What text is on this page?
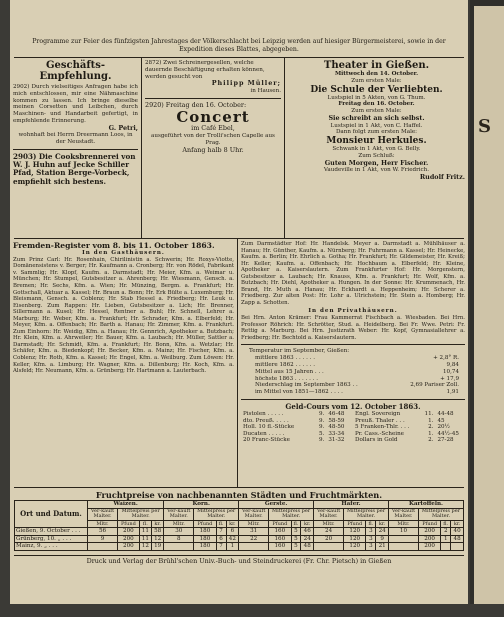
Programme zur Feier des fünfzigsten Jahrestages der Völkerschlacht bei Leipzig werden auf hiesiger Bürgermeisterei, sowie in der Expedition dieses Blattes, abgegeben.
Geschäfts-Empfehlung.
2902) Durch vielseitiges Anfragen habe ich mich entschlossen, mir eine Nähmaschine kommen zu lassen. Ich bringe dieselbe meinen Corsetten und Leibchen, durch Maschinen- und Handarbeit gefertigt, in empfehlende Erinnerung.
G. Petri,
wohnhaft bei Herrn Dreermann Loos, in der Neustadt.
2903) Die Cooksbrennerei von W. J. Huhn auf Jecke Schiller Pfad, Station Berge-Vorbeck, empfiehlt sich bestens.
2872) Zwei Schreinergesellen, welche dauernde Beschäftigung erhalten können, werden gesucht von
Philipp Müller;
in Hausen.
2920) Freitag den 16. October:
Concert
im Café Ebel,
ausgeführt von der Trolli'schen Capelle aus Prag.
Anfang halb 8 Uhr.
Theater in Gießen.
Mittwoch den 14. October.
Zum ersten Male:
Die Schule der Verliebten.
Lustspiel in 5 Akten, von G. Thum.
Freitag den 16. October.
Zum ersten Male:
Sie schreibt an sich selbst.
Lustspiel in 1 Akt, von C. Haffel.
Dann folgt zum ersten Male:
Monsieur Herkules.
Schwank in 1 Akt, von G. Belly.
Zum Schluß:
Guten Morgen, Herr Fischer.
Vaudeville in 1 Akt, von W. Friedrich.
Rudolf Fritz.
Fremden-Register vom 8. bis 11. October 1863.
In den Gasthäusern.
Zum Prinz Carl: Hr. Rosenhain, Chirilinistin a. Schwerin; Hr. Roxys-Viotte, Domänensistens v. Berger; Hr. Kaufmann a. Cronberg; Hr. von Rödel, Fabrikant v. Sammlig; Hr. Klopf, Kaufm. a. Darmstadt; Hr. Meier, Kfm. a. Weimar u. München; Hr. Stumpel, Gutsbesitzer a. Ahrenberg; Hr. Wiesmann, Gensch. a. Bremen; Hr. Sechs, Kfm. a. Wien; Hr. Münzing, Bergm. a. Frankfurt; Hr. Gottschall, Aktuar a. Kassel; Hr. Braun a. Bonn; Hr. Erk Bülte a. Luxemburg; Hr. Bleismann, Gensch. a. Coblenz; Hr. Stab Hessel a. Friedberg; Hr. Leuk u. Eisenberg. Zum Rappen: Hr. Lieben, Gutsbesitzer a. Lich; Hr. Brenner, Sillermann a. Kusel; Hr. Hessel, Rentner a. Buhl; Hr. Schnell, Lehrer a. Marburg; Hr. Weber, Kfm. a. Frankfurt; Hr. Schrader, Kfm. a. Elberfeld; Hr. Meyer, Kfm. a. Offenbach; Hr. Barth a. Hanau; Hr. Zimmer, Kfm. a. Frankfurt. Zum Einhorn: Hr. Weidig, Kfm. a. Hanau; Hr. Gennrich, Apotheker a. Butzbach; Hr. Klein, Kfm. a. Ahrweiler; Hr. Bauer, Kfm. a. Laubach; Hr. Müller, Sattler a. Darmstadt; Hr. Schmidt, Kfm. a. Frankfurt; Hr. Bonn, Kfm. a. Wetzlar; Hr. Schäfer, Kfm. a. Biedenkopf; Hr. Becker, Kfm. a. Mainz; Hr. Fischer, Kfm. a. Coblenz; Hr. Roth, Kfm. a. Kassel; Hr. Engel, Kfm. a. Weilburg. Zum Löwen: Hr. Keller, Kfm. a. Limburg; Hr. Wagner, Kfm. a. Dillenburg; Hr. Koch, Kfm. a. Alsfeld; Hr. Neumann, Kfm. a. Grünberg; Hr. Hartmann a. Lauterbach.
Zum Darmstädter Hof: Hr. Handelsk. Meyer a. Darmstadt a. Mühlhäuser a. Hanau; Hr. Günther, Kaufm. a. Nürnberg; Hr. Fuhrmann a. Kassel; Hr. Heinecke, Kaufm. a. Berlin; Hr. Ehrlich a. Gotha; Hr. Frankfurt; Hr. Gildemeister, Hr. Kreiß; Hr. Keller, Kaufm. a. Offenbach; Hr. Hochbaum a. Elberfeld; Hr. Kleine, Apotheker a. Kaiserslautern. Zum Frankfurter Hof: Hr. Morgenstern, Gutsbesitzer a. Laubach; Hr. Knauss, Kfm. a. Frankfurt; Hr. Wolf, Kfm. a. Butzbach; Hr. Diehl, Apotheker a. Hungen. In der Sonne: Hr. Krummenach, Hr. Brand, Hr. Muth a. Hanau; Hr. Eckhardt a. Heppenheim; Hr. Scherer a. Friedberg. Zur alten Post: Hr. Lohr a. Ulrichstein; Hr. Stein a. Homberg; Hr. Zapp a. Schotten.
In den Privathäusern.
Bei Hrn. Anton Krämer: Frau Kammerrat Fischbach a. Wiesbaden. Bei Hrn. Professor Röhrich: Hr. Schrötter, Stud. a. Heidelberg. Bei Fr. Wwe. Petri: Fr. Rettig a. Marburg. Bei Hrn. Justizrath Weber: Hr. Kopf, Gymnasiallehrer a. Friedberg; Hr. Bechtold a. Kaiserslautern.
Temperatur im September, Gießen:
mittlere 1863 . . . . . .	+ 2,8° R.
mittlere 1862 . . . . . .	9,84
Mittel aus 15 Jahren . . .	10,74
höchste 1863 . . . . . . .	+ 17,9
Niederschlag im September 1863 . .	2,69 Pariser Zoll.
im Mittel von 1851—1862 . . . .	1,91
Geld-Cours vom 12. October 1863.
Pistolen . . . . .	9.	46-48
dto. Preuß. . . . .	9.	58-59
Holl. 10 fl.-Stücke	9.	48-50
Ducaten . . . . .	5.	33-34
20 Franc-Stücke	9.	31-32
Engl. Sovereign	11.	44-48
Preuß. Thaler . . .	1.	45
5 Franken-Thlr. . . .	2.	20½
Pr. Cass.-Scheine	1.	44½-45
Dollars in Gold	2.	27-28
Fruchtpreise von nachbenannten Städten und Fruchtmärkten.
Ort und Datum.	Waizen.				Korn.				Gerste.				Hafer.				Kartoffeln.			
	Ver-kauft Malter.	Mittelpreis per Malter.			Ver-kauft Malter.	Mittelpreis per Malter.			Ver-kauft Malter.	Mittelpreis per Malter.			Ver-kauft Malter.	Mittelpreis per Malter.			Ver-kauft Malter.	Mittelpreis per Malter.		
	Mltr.	Pfund	fl.	kr.	Mltr.	Pfund	fl.	kr.	Mltr.	Pfund	fl.	kr.	Mltr.	Pfund	fl.	kr.	Mltr.	Pfund	fl.	kr.
Gießen, 9. October . . .	56	200	11	58	30	180	7	6	31	160	5	46	24	120	3	24	10	200	2	40
Grünberg, 10. „ . . .	9	200	11	12	8	180	6	42	22	160	5	24	20	120	3	9		200	1	48
Mainz, 9. „ . . .		200	12	19		180	7	1		160	5	48		120	3	21		200		
Druck und Verlag der Brühl'schen Univ.-Buch- und Steindruckerei (Fr. Chr. Pietsch) in Gießen
S
